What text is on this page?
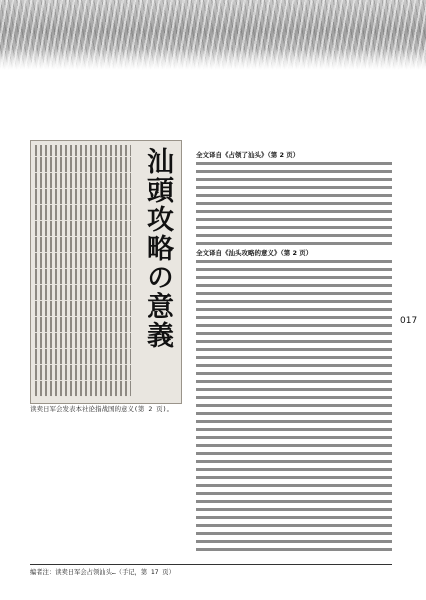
汕頭攻略の意義
读卖日军会发表本社论指战国的意义(第 2 页)。
全文译自《占领了汕头》（第 2 页）
全文译自《汕头攻略的意义》（第 2 页）
017
编者注：读卖日军会占领汕头…（手记，第 17 页）
